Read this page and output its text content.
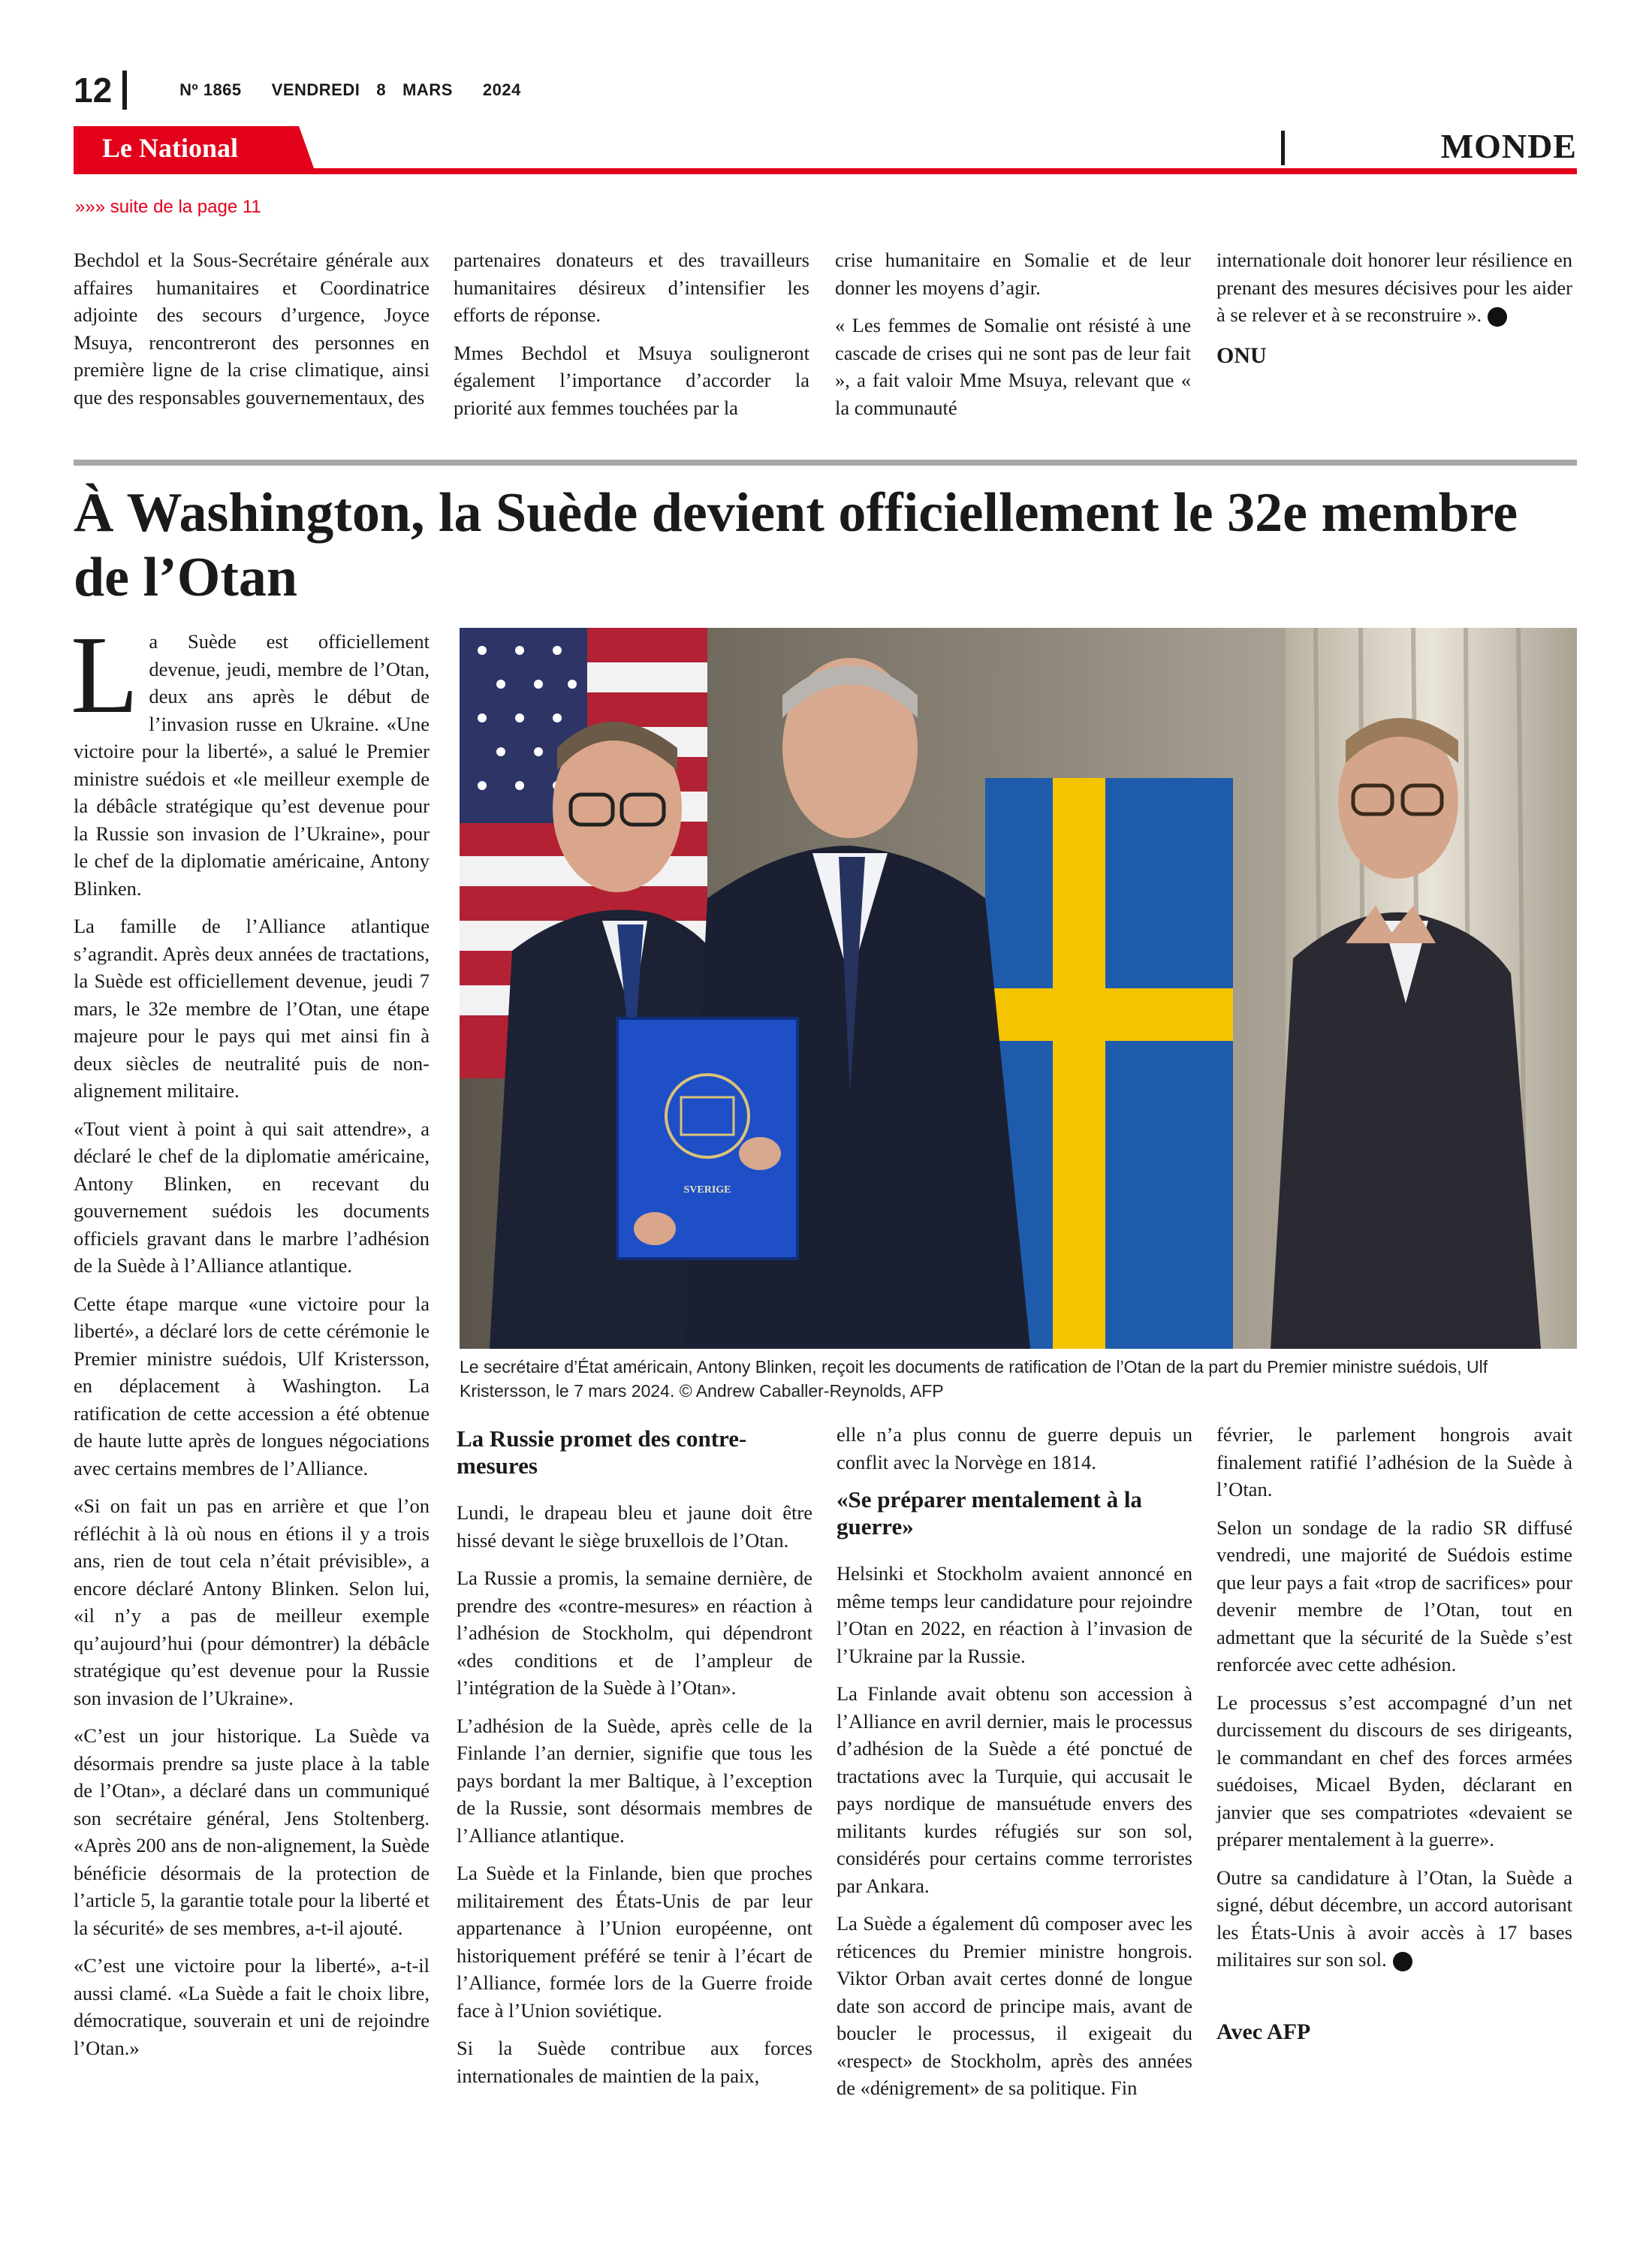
12	Nº 1865 VENDREDI 8 MARS 2024
Le National	MONDE
»»» suite de la page 11

Bechdol et la Sous-Secrétaire générale aux affaires humanitaires et Coordinatrice adjointe des secours d’urgence, Joyce Msuya, rencontreront des personnes en première ligne de la crise climatique, ainsi que des responsables gouvernementaux, des

partenaires donateurs et des travailleurs humanitaires désireux d’intensifier les efforts de réponse.

Mmes Bechdol et Msuya souligneront également l’importance d’accorder la priorité aux femmes touchées par la

crise humanitaire en Somalie et de leur donner les moyens d’agir.

« Les femmes de Somalie ont résisté à une cascade de crises qui ne sont pas de leur fait », a fait valoir Mme Msuya, relevant que « la communauté

internationale doit honorer leur résilience en prenant des mesures décisives pour les aider à se relever et à se reconstruire ».

ONU
À Washington, la Suède devient officiellement le 32e membre de l’Otan

La Suède est officiellement devenue, jeudi, membre de l’Otan, deux ans après le début de l’invasion russe en Ukraine. «Une victoire pour la liberté», a salué le Premier ministre suédois et «le meilleur exemple de la débâcle stratégique qu’est devenue pour la Russie son invasion de l’Ukraine», pour le chef de la diplomatie américaine, Antony Blinken.

La famille de l’Alliance atlantique s’agrandit. Après deux années de tractations, la Suède est officiellement devenue, jeudi 7 mars, le 32e membre de l’Otan, une étape majeure pour le pays qui met ainsi fin à deux siècles de neutralité puis de non-alignement militaire.

«Tout vient à point à qui sait attendre», a déclaré le chef de la diplomatie américaine, Antony Blinken, en recevant du gouvernement suédois les documents officiels gravant dans le marbre l’adhésion de la Suède à l’Alliance atlantique.

Cette étape marque «une victoire pour la liberté», a déclaré lors de cette cérémonie le Premier ministre suédois, Ulf Kristersson, en déplacement à Washington. La ratification de cette accession a été obtenue de haute lutte après de longues négociations avec certains membres de l’Alliance.

«Si on fait un pas en arrière et que l’on réfléchit à là où nous en étions il y a trois ans, rien de tout cela n’était prévisible», a encore déclaré Antony Blinken. Selon lui, «il n’y a pas de meilleur exemple qu’aujourd’hui (pour démontrer) la débâcle stratégique qu’est devenue pour la Russie son invasion de l’Ukraine».

«C’est un jour historique. La Suède va désormais prendre sa juste place à la table de l’Otan», a déclaré dans un communiqué son secrétaire général, Jens Stoltenberg. «Après 200 ans de non-alignement, la Suède bénéficie désormais de la protection de l’article 5, la garantie totale pour la liberté et la sécurité» de ses membres, a-t-il ajouté.

«C’est une victoire pour la liberté», a-t-il aussi clamé. «La Suède a fait le choix libre, démocratique, souverain et uni de rejoindre l’Otan.»

SVERIGE
Le secrétaire d’État américain, Antony Blinken, reçoit les documents de ratification de l’Otan de la part du Premier ministre suédois, Ulf Kristersson, le 7 mars 2024. © Andrew Caballer-Reynolds, AFP
La Russie promet des contre-mesures

Lundi, le drapeau bleu et jaune doit être hissé devant le siège bruxellois de l’Otan.

La Russie a promis, la semaine dernière, de prendre des «contre-mesures» en réaction à l’adhésion de Stockholm, qui dépendront «des conditions et de l’ampleur de l’intégration de la Suède à l’Otan».

L’adhésion de la Suède, après celle de la Finlande l’an dernier, signifie que tous les pays bordant la mer Baltique, à l’exception de la Russie, sont désormais membres de l’Alliance atlantique.

La Suède et la Finlande, bien que proches militairement des États-Unis de par leur appartenance à l’Union européenne, ont historiquement préféré se tenir à l’écart de l’Alliance, formée lors de la Guerre froide face à l’Union soviétique.

Si la Suède contribue aux forces internationales de maintien de la paix,

elle n’a plus connu de guerre depuis un conflit avec la Norvège en 1814.

«Se préparer mentalement à la guerre»

Helsinki et Stockholm avaient annoncé en même temps leur candidature pour rejoindre l’Otan en 2022, en réaction à l’invasion de l’Ukraine par la Russie.

La Finlande avait obtenu son accession à l’Alliance en avril dernier, mais le processus d’adhésion de la Suède a été ponctué de tractations avec la Turquie, qui accusait le pays nordique de mansuétude envers des militants kurdes réfugiés sur son sol, considérés pour certains comme terroristes par Ankara.

La Suède a également dû composer avec les réticences du Premier ministre hongrois. Viktor Orban avait certes donné de longue date son accord de principe mais, avant de boucler le processus, il exigeait du «respect» de Stockholm, après des années de «dénigrement» de sa politique. Fin

février, le parlement hongrois avait finalement ratifié l’adhésion de la Suède à l’Otan.

Selon un sondage de la radio SR diffusé vendredi, une majorité de Suédois estime que leur pays a fait «trop de sacrifices» pour devenir membre de l’Otan, tout en admettant que la sécurité de la Suède s’est renforcée avec cette adhésion.

Le processus s’est accompagné d’un net durcissement du discours de ses dirigeants, le commandant en chef des forces armées suédoises, Micael Byden, déclarant en janvier que ses compatriotes «devaient se préparer mentalement à la guerre».

Outre sa candidature à l’Otan, la Suède a signé, début décembre, un accord autorisant les États-Unis à avoir accès à 17 bases militaires sur son sol.

Avec AFP
